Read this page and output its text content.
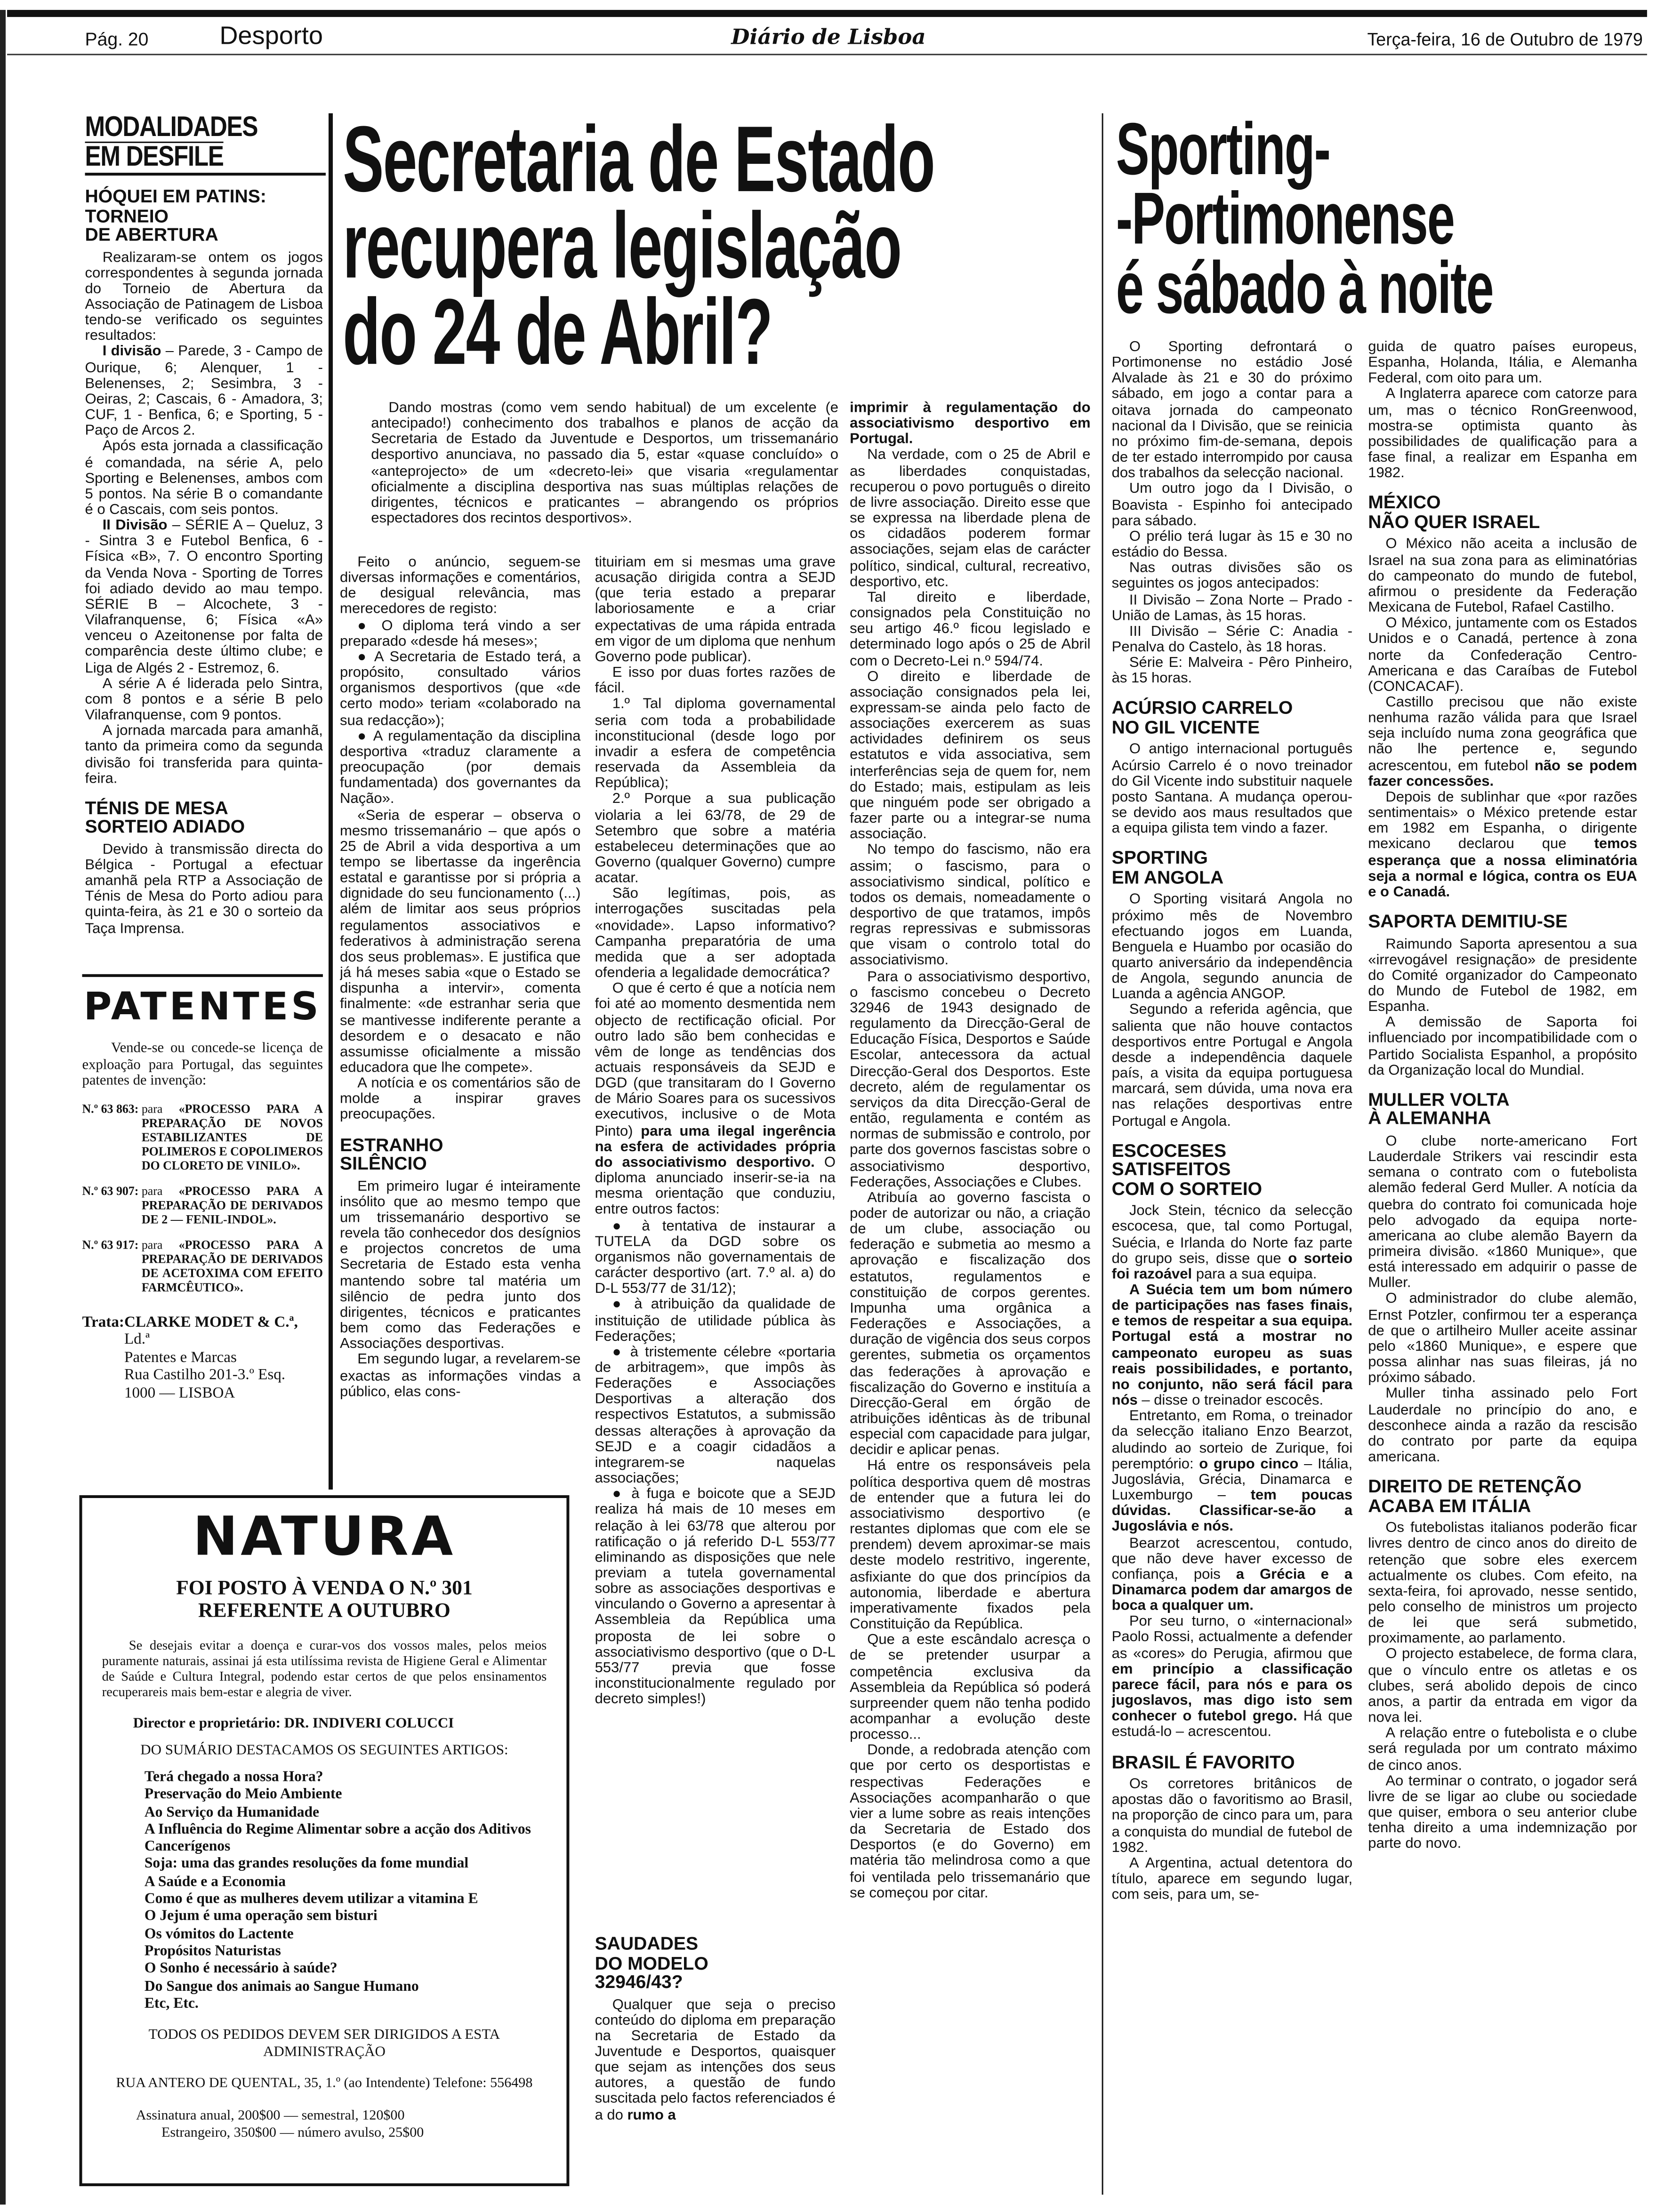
Pág. 20	Desporto	Diário de Lisboa	Terça-feira, 16 de Outubro de 1979
MODALIDADES
EM DESFILE
HÓQUEI EM PATINS:
TORNEIO
DE ABERTURA

Realizaram-se ontem os jogos correspondentes à segunda jornada do Torneio de Abertura da Associação de Patinagem de Lisboa tendo-se verificado os seguintes resultados:

I divisão – Parede, 3 - Campo de Ourique, 6; Alenquer, 1 - Belenenses, 2; Sesimbra, 3 - Oeiras, 2; Cascais, 6 - Amadora, 3; CUF, 1 - Benfica, 6; e Sporting, 5 - Paço de Arcos 2.

Após esta jornada a classificação é comandada, na série A, pelo Sporting e Belenenses, ambos com 5 pontos. Na série B o comandante é o Cascais, com seis pontos.

II Divisão – SÉRIE A – Queluz, 3 - Sintra 3 e Futebol Benfica, 6 -Física «B», 7. O encontro Sporting da Venda Nova - Sporting de Torres foi adiado devido ao mau tempo. SÉRIE B – Alcochete, 3 -Vilafranquense, 6; Física «A» venceu o Azeitonense por falta de comparência deste último clube; e Liga de Algés 2 - Estremoz, 6.

A série A é liderada pelo Sintra, com 8 pontos e a série B pelo Vilafranquense, com 9 pontos.

A jornada marcada para amanhã, tanto da primeira como da segunda divisão foi transferida para quinta-feira.

TÉNIS DE MESA
SORTEIO ADIADO

Devido à transmissão directa do Bélgica - Portugal a efectuar amanhã pela RTP a Associação de Ténis de Mesa do Porto adiou para quinta-feira, às 21 e 30 o sorteio da Taça Imprensa.

PATENTES
Vende-se ou concede-se licença de exploação para Portugal, das seguintes patentes de invenção:
N.º 63 863: para	«PROCESSO PARA A PREPARAÇÃO DE NOVOS ESTABILIZANTES DE POLIMEROS E COPOLIMEROS DO CLORETO DE VINILO».
N.º 63 907: para	«PROCESSO PARA A PREPARAÇÃO DE DERIVADOS DE 2 — FENIL-INDOL».
N.º 63 917: para	«PROCESSO PARA A PREPARAÇÃO DE DERIVADOS DE ACETOXIMA COM EFEITO FARMCÊUTICO».
Trata: CLARKE MODET & C.ª,
Ld.ª
Patentes e Marcas
Rua Castilho 201-3.º Esq.
1000 — LISBOA
NATURA
FOI POSTO À VENDA O N.º 301
REFERENTE A OUTUBRO
Se desejais evitar a doença e curar-vos dos vossos males, pelos meios puramente naturais, assinai já esta utilíssima revista de Higiene Geral e Alimentar de Saúde e Cultura Integral, podendo estar certos de que pelos ensinamentos recuperareis mais bem-estar e alegria de viver.
Director e proprietário: DR. INDIVERI COLUCCI
DO SUMÁRIO DESTACAMOS OS SEGUINTES ARTIGOS:
Terá chegado a nossa Hora?
Preservação do Meio Ambiente
Ao Serviço da Humanidade
A Influência do Regime Alimentar sobre a acção dos Aditivos Cancerígenos
Soja: uma das grandes resoluções da fome mundial
A Saúde e a Economia
Como é que as mulheres devem utilizar a vitamina E
O Jejum é uma operação sem bisturi
Os vómitos do Lactente
Propósitos Naturistas
O Sonho é necessário à saúde?
Do Sangue dos animais ao Sangue Humano
Etc, Etc.
TODOS OS PEDIDOS DEVEM SER DIRIGIDOS A ESTA ADMINISTRAÇÃO
RUA ANTERO DE QUENTAL, 35, 1.º (ao Intendente) Telefone: 556498
Assinatura anual, 200$00 — semestral, 120$00
Estrangeiro, 350$00 — número avulso, 25$00
Secretaria de Estado
recupera legislação
do 24 de Abril?

Dando mostras (como vem sendo habitual) de um excelente (e antecipado!) conhecimento dos trabalhos e planos de acção da Secretaria de Estado da Juventude e Desportos, um trissemanário desportivo anunciava, no passado dia 5, estar «quase concluído» o «anteprojecto» de um «decreto-lei» que visaria «regulamentar oficialmente a disciplina desportiva nas suas múltiplas relações de dirigentes, técnicos e praticantes – abrangendo os próprios espectadores dos recintos desportivos».

Feito o anúncio, seguem-se diversas informações e comentários, de desigual relevância, mas merecedores de registo:

● O diploma terá vindo a ser preparado «desde há meses»;

● A Secretaria de Estado terá, a propósito, consultado vários organismos desportivos (que «de certo modo» teriam «colaborado na sua redacção»);

● A regulamentação da disciplina desportiva «traduz claramente a preocupação (por demais fundamentada) dos governantes da Nação».

«Seria de esperar – observa o mesmo trissemanário – que após o 25 de Abril a vida desportiva a um tempo se libertasse da ingerência estatal e garantisse por si própria a dignidade do seu funcionamento (...) além de limitar aos seus próprios regulamentos associativos e federativos à administração serena dos seus problemas». E justifica que já há meses sabia «que o Estado se dispunha a intervir», comenta finalmente: «de estranhar seria que se mantivesse indiferente perante a desordem e o desacato e não assumisse oficialmente a missão educadora que lhe compete».

A notícia e os comentários são de molde a inspirar graves preocupações.

ESTRANHO
SILÊNCIO

Em primeiro lugar é inteiramente insólito que ao mesmo tempo que um trissemanário desportivo se revela tão conhecedor dos desígnios e projectos concretos de uma Secretaria de Estado esta venha mantendo sobre tal matéria um silêncio de pedra junto dos dirigentes, técnicos e praticantes bem como das Federações e Associações desportivas.

Em segundo lugar, a revelarem-se exactas as informações vindas a público, elas cons-

tituiriam em si mesmas uma grave acusação dirigida contra a SEJD (que teria estado a preparar laboriosamente e a criar expectativas de uma rápida entrada em vigor de um diploma que nenhum Governo pode publicar).

E isso por duas fortes razões de fácil.

1.º Tal diploma governamental seria com toda a probabilidade inconstitucional (desde logo por invadir a esfera de competência reservada da Assembleia da República);

2.º Porque a sua publicação violaria a lei 63/78, de 29 de Setembro que sobre a matéria estabeleceu determinações que ao Governo (qualquer Governo) cumpre acatar.

São legítimas, pois, as interrogações suscitadas pela «novidade». Lapso informativo? Campanha preparatória de uma medida que a ser adoptada ofenderia a legalidade democrática?

O que é certo é que a notícia nem foi até ao momento desmentida nem objecto de rectificação oficial. Por outro lado são bem conhecidas e vêm de longe as tendências dos actuais responsáveis da SEJD e DGD (que transitaram do I Governo de Mário Soares para os sucessivos executivos, inclusive o de Mota Pinto) para uma ilegal ingerência na esfera de actividades própria do associativismo desportivo. O diploma anunciado inserir-se-ia na mesma orientação que conduziu, entre outros factos:

● à tentativa de instaurar a TUTELA da DGD sobre os organismos não governamentais de carácter desportivo (art. 7.º al. a) do D-L 553/77 de 31/12);

● à atribuição da qualidade de instituição de utilidade pública às Federações;

● à tristemente célebre «portaria de arbitragem», que impôs às Federações e Associações Desportivas a alteração dos respectivos Estatutos, a submissão dessas alterações à aprovação da SEJD e a coagir cidadãos a integrarem-se naquelas associações;

● à fuga e boicote que a SEJD realiza há mais de 10 meses em relação à lei 63/78 que alterou por ratificação o já referido D-L 553/77 eliminando as disposições que nele previam a tutela governamental sobre as associações desportivas e vinculando o Governo a apresentar à Assembleia da República uma proposta de lei sobre o associativismo desportivo (que o D-L 553/77 previa que fosse inconstitucionalmente regulado por decreto simples!)

SAUDADES
DO MODELO
32946/43?

Qualquer que seja o preciso conteúdo do diploma em preparação na Secretaria de Estado da Juventude e Desportos, quaisquer que sejam as intenções dos seus autores, a questão de fundo suscitada pelo factos referenciados é a do rumo a

imprimir à regulamentação do associativismo desportivo em Portugal.

Na verdade, com o 25 de Abril e as liberdades conquistadas, recuperou o povo português o direito de livre associação. Direito esse que se expressa na liberdade plena de os cidadãos poderem formar associações, sejam elas de carácter político, sindical, cultural, recreativo, desportivo, etc.

Tal direito e liberdade, consignados pela Constituição no seu artigo 46.º ficou legislado e determinado logo após o 25 de Abril com o Decreto-Lei n.º 594/74.

O direito e liberdade de associação consignados pela lei, expressam-se ainda pelo facto de associações exercerem as suas actividades definirem os seus estatutos e vida associativa, sem interferências seja de quem for, nem do Estado; mais, estipulam as leis que ninguém pode ser obrigado a fazer parte ou a integrar-se numa associação.

No tempo do fascismo, não era assim; o fascismo, para o associativismo sindical, político e todos os demais, nomeadamente o desportivo de que tratamos, impôs regras repressivas e submissoras que visam o controlo total do associativismo.

Para o associativismo desportivo, o fascismo concebeu o Decreto 32946 de 1943 designado de regulamento da Direcção-Geral de Educação Física, Desportos e Saúde Escolar, antecessora da actual Direcção-Geral dos Desportos. Este decreto, além de regulamentar os serviços da dita Direcção-Geral de então, regulamenta e contém as normas de submissão e controlo, por parte dos governos fascistas sobre o associativismo desportivo, Federações, Associações e Clubes.

Atribuía ao governo fascista o poder de autorizar ou não, a criação de um clube, associação ou federação e submetia ao mesmo a aprovação e fiscalização dos estatutos, regulamentos e constituição de corpos gerentes. Impunha uma orgânica a Federações e Associações, a duração de vigência dos seus corpos gerentes, submetia os orçamentos das federações à aprovação e fiscalização do Governo e instituía a Direcção-Geral em órgão de atribuições idênticas às de tribunal especial com capacidade para julgar, decidir e aplicar penas.

Há entre os responsáveis pela política desportiva quem dê mostras de entender que a futura lei do associativismo desportivo (e restantes diplomas que com ele se prendem) devem aproximar-se mais deste modelo restritivo, ingerente, asfixiante do que dos princípios da autonomia, liberdade e abertura imperativamente fixados pela Constituição da República.

Que a este escândalo acresça o de se pretender usurpar a competência exclusiva da Assembleia da República só poderá surpreender quem não tenha podido acompanhar a evolução deste processo...

Donde, a redobrada atenção com que por certo os desportistas e respectivas Federações e Associações acompanharão o que vier a lume sobre as reais intenções da Secretaria de Estado dos Desportos (e do Governo) em matéria tão melindrosa como a que foi ventilada pelo trissemanário que se começou por citar.

Sporting-
-Portimonense
é sábado à noite

O Sporting defrontará o Portimonense no estádio José Alvalade às 21 e 30 do próximo sábado, em jogo a contar para a oitava jornada do campeonato nacional da I Divisão, que se reinicia no próximo fim-de-semana, depois de ter estado interrompido por causa dos trabalhos da selecção nacional.

Um outro jogo da I Divisão, o Boavista - Espinho foi antecipado para sábado.

O prélio terá lugar às 15 e 30 no estádio do Bessa.

Nas outras divisões são os seguintes os jogos antecipados:

II Divisão – Zona Norte – Prado - União de Lamas, às 15 horas.

III Divisão – Série C: Anadia -Penalva do Castelo, às 18 horas.

Série E: Malveira - Pêro Pinheiro, às 15 horas.

ACÚRSIO CARRELO
NO GIL VICENTE

O antigo internacional português Acúrsio Carrelo é o novo treinador do Gil Vicente indo substituir naquele posto Santana. A mudança operou-se devido aos maus resultados que a equipa gilista tem vindo a fazer.

SPORTING
EM ANGOLA

O Sporting visitará Angola no próximo mês de Novembro efectuando jogos em Luanda, Benguela e Huambo por ocasião do quarto aniversário da independência de Angola, segundo anuncia de Luanda a agência ANGOP.

Segundo a referida agência, que salienta que não houve contactos desportivos entre Portugal e Angola desde a independência daquele país, a visita da equipa portuguesa marcará, sem dúvida, uma nova era nas relações desportivas entre Portugal e Angola.

ESCOCESES
SATISFEITOS
COM O SORTEIO

Jock Stein, técnico da selecção escocesa, que, tal como Portugal, Suécia, e Irlanda do Norte faz parte do grupo seis, disse que o sorteio foi razoável para a sua equipa.

A Suécia tem um bom número de participações nas fases finais, e temos de respeitar a sua equipa. Portugal está a mostrar no campeonato europeu as suas reais possibilidades, e portanto, no conjunto, não será fácil para nós – disse o treinador escocês.

Entretanto, em Roma, o treinador da selecção italiano Enzo Bearzot, aludindo ao sorteio de Zurique, foi peremptório: o grupo cinco – Itália, Jugoslávia, Grécia, Dinamarca e Luxemburgo – tem poucas dúvidas. Classificar-se-ão a Jugoslávia e nós.

Bearzot acrescentou, contudo, que não deve haver excesso de confiança, pois a Grécia e a Dinamarca podem dar amargos de boca a qualquer um.

Por seu turno, o «internacional» Paolo Rossi, actualmente a defender as «cores» do Perugia, afirmou que em princípio a classificação parece fácil, para nós e para os jugoslavos, mas digo isto sem conhecer o futebol grego. Há que estudá-lo – acrescentou.

BRASIL É FAVORITO

Os corretores britânicos de apostas dão o favoritismo ao Brasil, na proporção de cinco para um, para a conquista do mundial de futebol de 1982.

A Argentina, actual detentora do título, aparece em segundo lugar, com seis, para um, se-

guida de quatro países europeus, Espanha, Holanda, Itália, e Alemanha Federal, com oito para um.

A Inglaterra aparece com catorze para um, mas o técnico RonGreenwood, mostra-se optimista quanto às possibilidades de qualificação para a fase final, a realizar em Espanha em 1982.

MÉXICO
NÃO QUER ISRAEL

O México não aceita a inclusão de Israel na sua zona para as eliminatórias do campeonato do mundo de futebol, afirmou o presidente da Federação Mexicana de Futebol, Rafael Castilho.

O México, juntamente com os Estados Unidos e o Canadá, pertence à zona norte da Confederação Centro-Americana e das Caraíbas de Futebol (CONCACAF).

Castillo precisou que não existe nenhuma razão válida para que Israel seja incluído numa zona geográfica que não lhe pertence e, segundo acrescentou, em futebol não se podem fazer concessões.

Depois de sublinhar que «por razões sentimentais» o México pretende estar em 1982 em Espanha, o dirigente mexicano declarou que temos esperança que a nossa eliminatória seja a normal e lógica, contra os EUA e o Canadá.

SAPORTA DEMITIU-SE

Raimundo Saporta apresentou a sua «irrevogável resignação» de presidente do Comité organizador do Campeonato do Mundo de Futebol de 1982, em Espanha.

A demissão de Saporta foi influenciado por incompatibilidade com o Partido Socialista Espanhol, a propósito da Organização local do Mundial.

MULLER VOLTA
À ALEMANHA

O clube norte-americano Fort Lauderdale Strikers vai rescindir esta semana o contrato com o futebolista alemão federal Gerd Muller. A notícia da quebra do contrato foi comunicada hoje pelo advogado da equipa norte-americana ao clube alemão Bayern da primeira divisão. «1860 Munique», que está interessado em adquirir o passe de Muller.

O administrador do clube alemão, Ernst Potzler, confirmou ter a esperança de que o artilheiro Muller aceite assinar pelo «1860 Munique», e espere que possa alinhar nas suas fileiras, já no próximo sábado.

Muller tinha assinado pelo Fort Lauderdale no princípio do ano, e desconhece ainda a razão da rescisão do contrato por parte da equipa americana.

DIREITO DE RETENÇÃO
ACABA EM ITÁLIA

Os futebolistas italianos poderão ficar livres dentro de cinco anos do direito de retenção que sobre eles exercem actualmente os clubes. Com efeito, na sexta-feira, foi aprovado, nesse sentido, pelo conselho de ministros um projecto de lei que será submetido, proximamente, ao parlamento.

O projecto estabelece, de forma clara, que o vínculo entre os atletas e os clubes, será abolido depois de cinco anos, a partir da entrada em vigor da nova lei.

A relação entre o futebolista e o clube será regulada por um contrato máximo de cinco anos.

Ao terminar o contrato, o jogador será livre de se ligar ao clube ou sociedade que quiser, embora o seu anterior clube tenha direito a uma indemnização por parte do novo.
